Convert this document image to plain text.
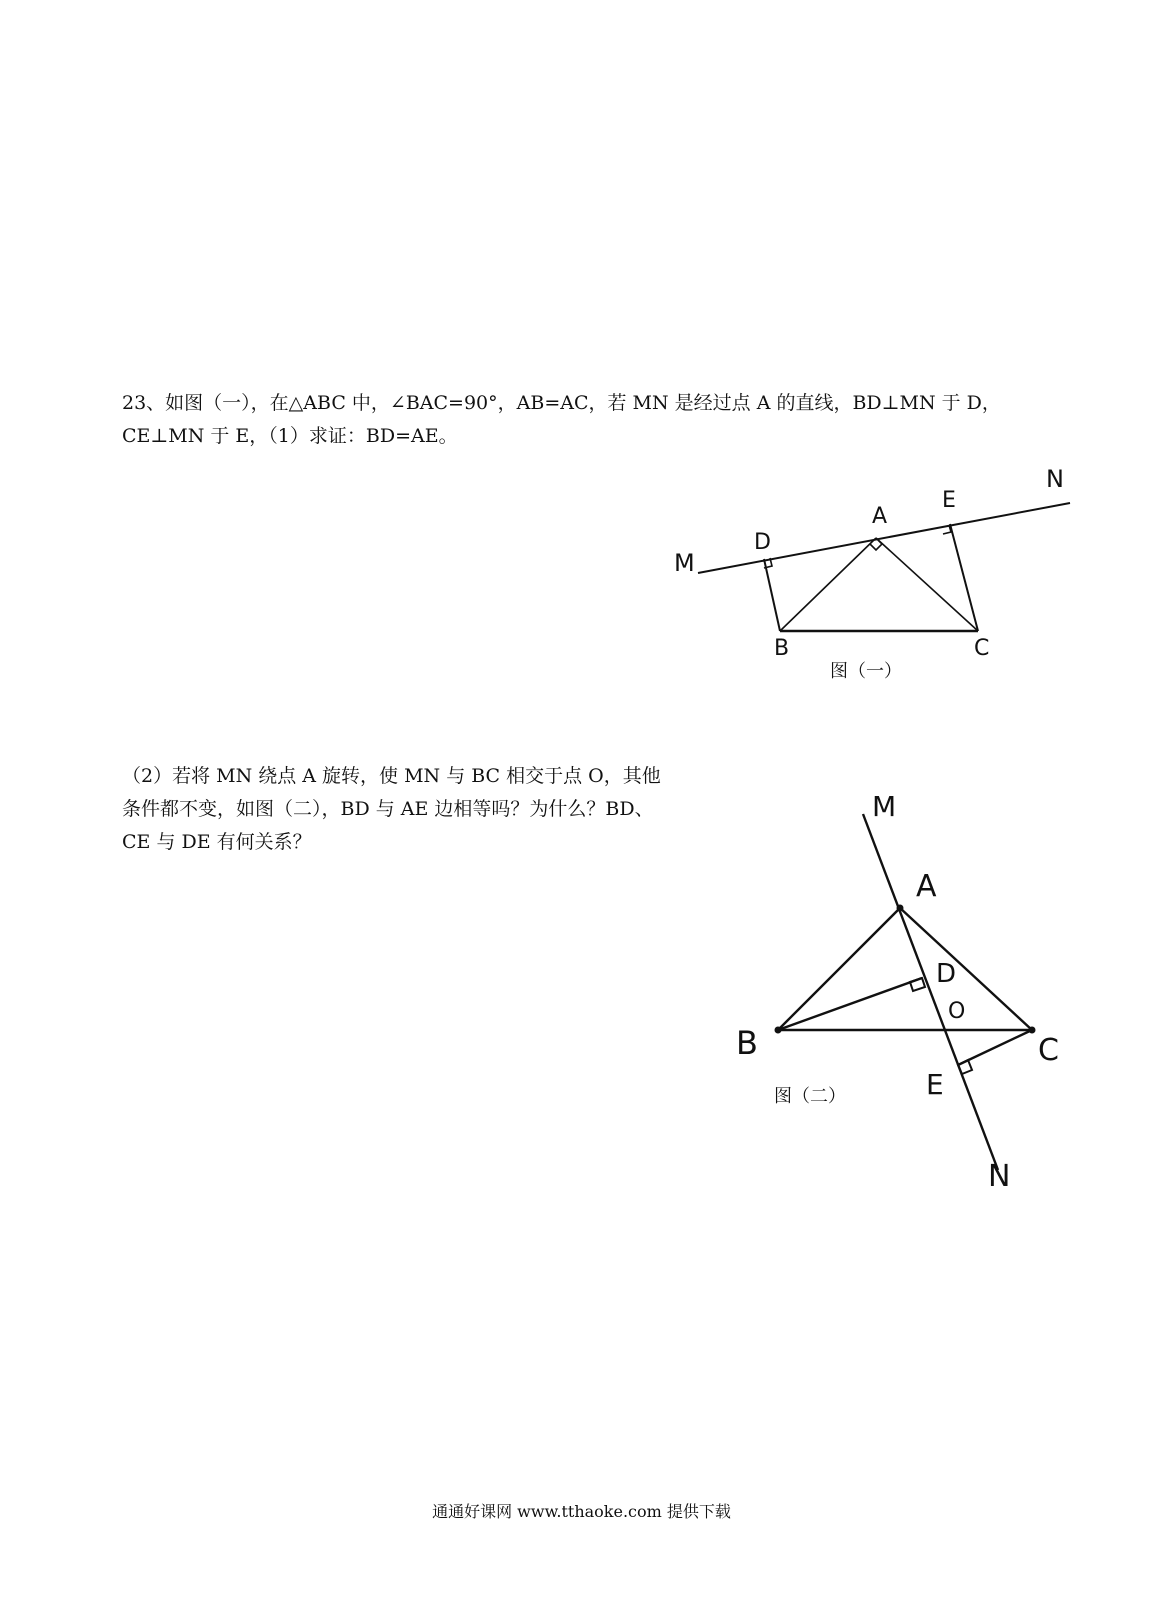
23、如图（一），在△ABC 中，∠BAC=90°，AB=AC，若 MN 是经过点 A 的直线，BD⊥MN 于 D，

CE⊥MN 于 E，（1）求证：BD=AE。

M
N
D
A
E
B	C
图（一）

（2）若将 MN 绕点 A 旋转，使 MN 与 BC 相交于点 O，其他

条件都不变，如图（二），BD 与 AE 边相等吗？为什么？BD、

CE 与 DE 有何关系？

M
A
D
O
B	C
E
N
图（二）
通通好课网 www.tthaoke.com 提供下载
